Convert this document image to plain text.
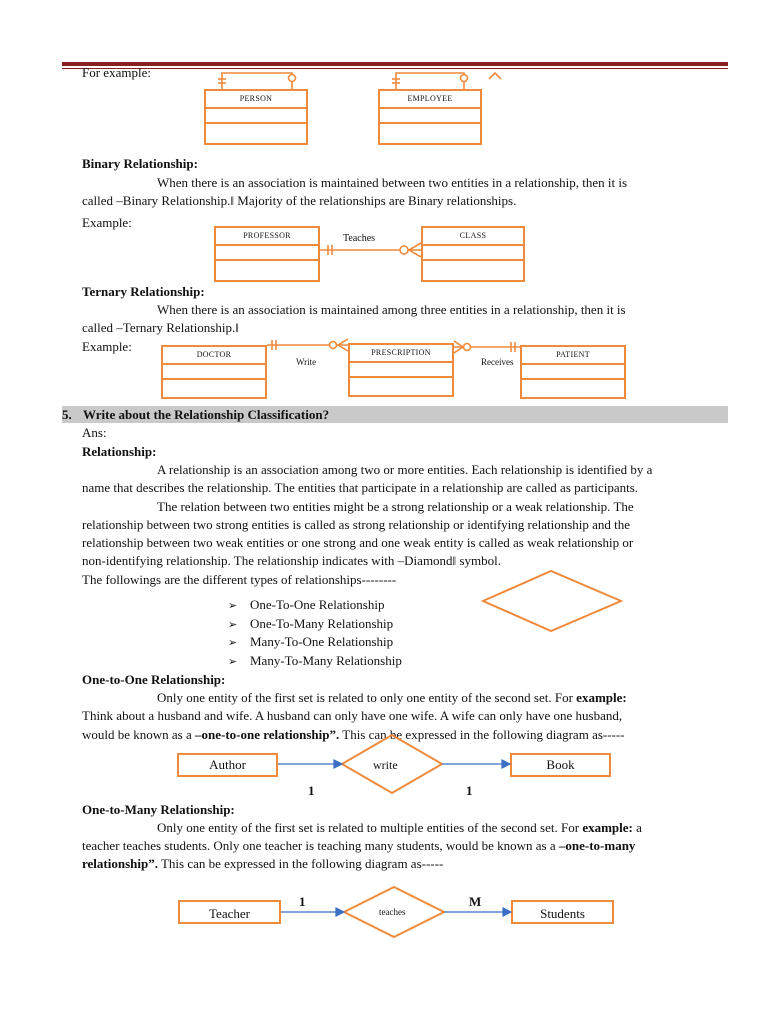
For example:
PERSON	EMPLOYEE
Binary Relationship:
When there is an association is maintained between two entities in a relationship, then it is
called –Binary Relationship.‖ Majority of the relationships are Binary relationships.
Example:
PROFESSOR	CLASS
Teaches
Ternary Relationship:
When there is an association is maintained among three entities in a relationship, then it is
called –Ternary Relationship.‖
Example:
DOCTOR	PRESCRIPTION	PATIENT
Write	Receives
5. Write about the Relationship Classification?
Ans:
Relationship:
A relationship is an association among two or more entities. Each relationship is identified by a
name that describes the relationship. The entities that participate in a relationship are called as participants.
The relation between two entities might be a strong relationship or a weak relationship. The
relationship between two strong entities is called as strong relationship or identifying relationship and the
relationship between two weak entities or one strong and one weak entity is called as weak relationship or
non-identifying relationship. The relationship indicates with –Diamond‖ symbol.
The followings are the different types of relationships--------
➢ One-To-One Relationship
➢ One-To-Many Relationship
➢ Many-To-One Relationship
➢ Many-To-Many Relationship
One-to-One Relationship:
Only one entity of the first set is related to only one entity of the second set. For example:
Think about a husband and wife. A husband can only have one wife. A wife can only have one husband,
would be known as a –one-to-one relationship”. This can be expressed in the following diagram as-----
Author	write	Book
1	1
One-to-Many Relationship:
Only one entity of the first set is related to multiple entities of the second set. For example: a
teacher teaches students. Only one teacher is teaching many students, would be known as a –one-to-many
relationship”. This can be expressed in the following diagram as-----
Teacher	teaches	Students
1	M
